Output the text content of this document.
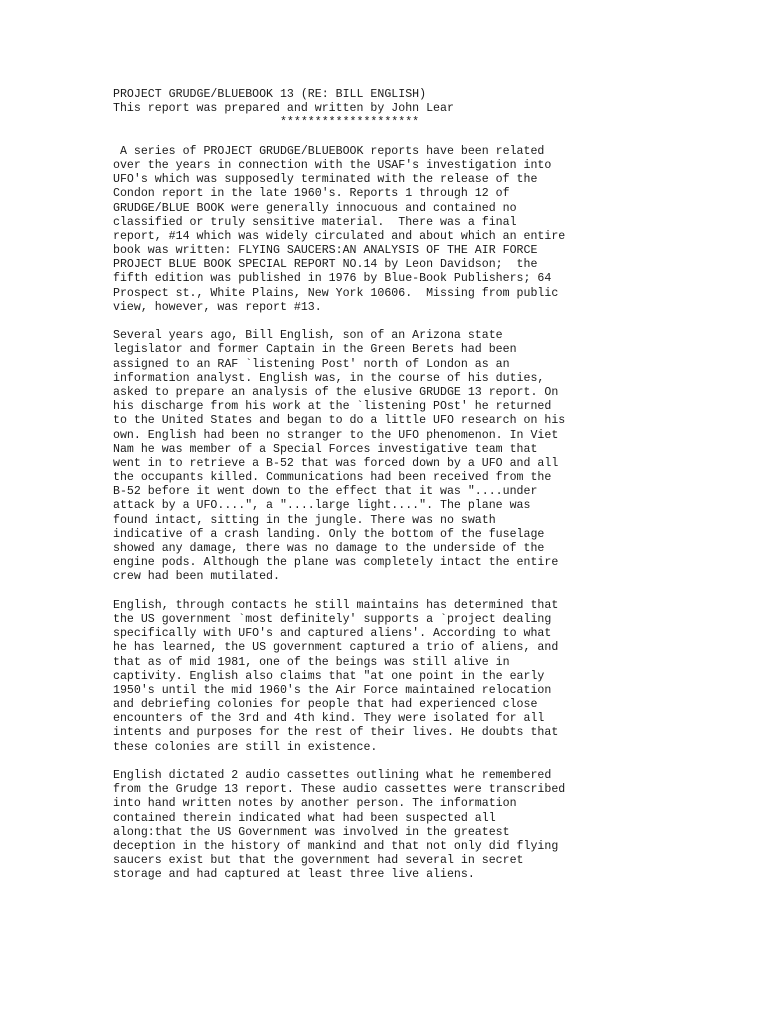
PROJECT GRUDGE/BLUEBOOK 13 (RE: BILL ENGLISH)
This report was prepared and written by John Lear
********************
A series of PROJECT GRUDGE/BLUEBOOK reports have been related
over the years in connection with the USAF's investigation into
UFO's which was supposedly terminated with the release of the
Condon report in the late 1960's. Reports 1 through 12 of
GRUDGE/BLUE BOOK were generally innocuous and contained no
classified or truly sensitive material.  There was a final
report, #14 which was widely circulated and about which an entire
book was written: FLYING SAUCERS:AN ANALYSIS OF THE AIR FORCE
PROJECT BLUE BOOK SPECIAL REPORT NO.14 by Leon Davidson;  the
fifth edition was published in 1976 by Blue-Book Publishers; 64
Prospect st., White Plains, New York 10606.  Missing from public
view, however, was report #13.
Several years ago, Bill English, son of an Arizona state
legislator and former Captain in the Green Berets had been
assigned to an RAF `listening Post' north of London as an
information analyst. English was, in the course of his duties,
asked to prepare an analysis of the elusive GRUDGE 13 report. On
his discharge from his work at the `listening POst' he returned
to the United States and began to do a little UFO research on his
own. English had been no stranger to the UFO phenomenon. In Viet
Nam he was member of a Special Forces investigative team that
went in to retrieve a B-52 that was forced down by a UFO and all
the occupants killed. Communications had been received from the
B-52 before it went down to the effect that it was "....under
attack by a UFO....", a "....large light....". The plane was
found intact, sitting in the jungle. There was no swath
indicative of a crash landing. Only the bottom of the fuselage
showed any damage, there was no damage to the underside of the
engine pods. Although the plane was completely intact the entire
crew had been mutilated.
English, through contacts he still maintains has determined that
the US government `most definitely' supports a `project dealing
specifically with UFO's and captured aliens'. According to what
he has learned, the US government captured a trio of aliens, and
that as of mid 1981, one of the beings was still alive in
captivity. English also claims that "at one point in the early
1950's until the mid 1960's the Air Force maintained relocation
and debriefing colonies for people that had experienced close
encounters of the 3rd and 4th kind. They were isolated for all
intents and purposes for the rest of their lives. He doubts that
these colonies are still in existence.
English dictated 2 audio cassettes outlining what he remembered
from the Grudge 13 report. These audio cassettes were transcribed
into hand written notes by another person. The information
contained therein indicated what had been suspected all
along:that the US Government was involved in the greatest
deception in the history of mankind and that not only did flying
saucers exist but that the government had several in secret
storage and had captured at least three live aliens.
